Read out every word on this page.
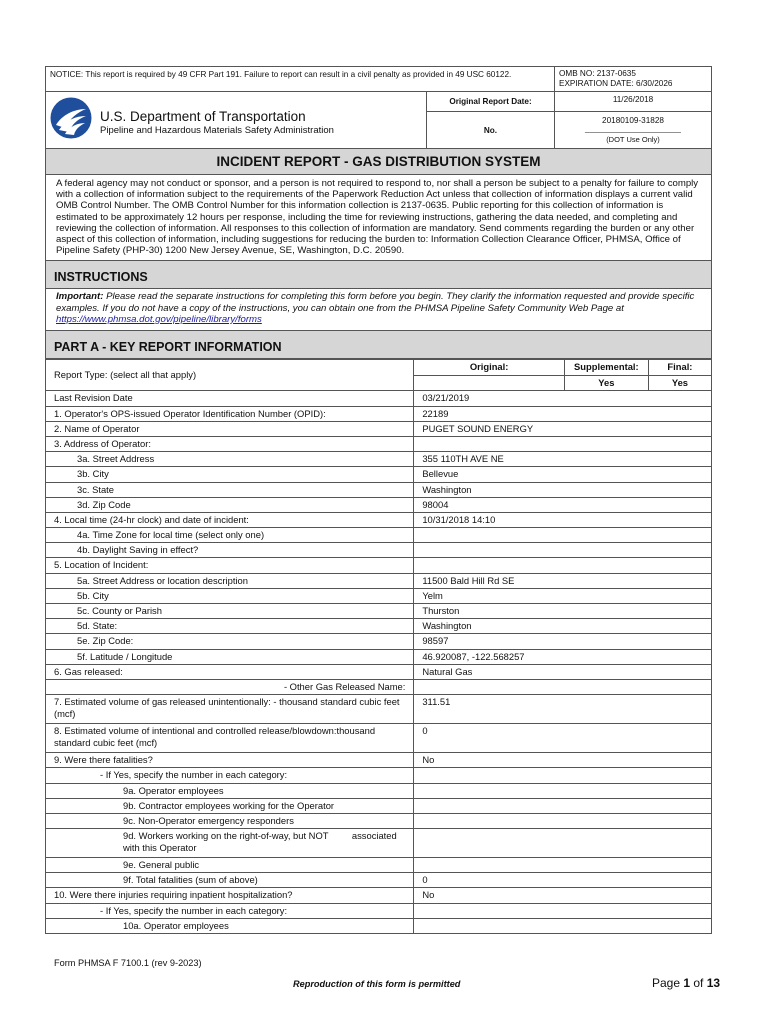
NOTICE: This report is required by 49 CFR Part 191. Failure to report can result in a civil penalty as provided in 49 USC 60122.		OMB NO: 2137-0635
EXPIRATION DATE: 6/30/2026

U.S. Department of Transportation
Pipeline and Hazardous Materials Safety Administration	Original Report Date:	11/26/2018
	No.	20180109-31828
_______________________
(DOT Use Only)
INCIDENT REPORT - GAS DISTRIBUTION SYSTEM
A federal agency may not conduct or sponsor, and a person is not required to respond to, nor shall a person be subject to a penalty for failure to comply with a collection of information subject to the requirements of the Paperwork Reduction Act unless that collection of information displays a current valid OMB Control Number. The OMB Control Number for this information collection is 2137-0635. Public reporting for this collection of information is estimated to be approximately 12 hours per response, including the time for reviewing instructions, gathering the data needed, and completing and reviewing the collection of information. All responses to this collection of information are mandatory. Send comments regarding the burden or any other aspect of this collection of information, including suggestions for reducing the burden to: Information Collection Clearance Officer, PHMSA, Office of Pipeline Safety (PHP-30) 1200 New Jersey Avenue, SE, Washington, D.C. 20590.
INSTRUCTIONS
Important: Please read the separate instructions for completing this form before you begin. They clarify the information requested and provide specific examples. If you do not have a copy of the instructions, you can obtain one from the PHMSA Pipeline Safety Community Web Page at https://www.phmsa.dot.gov/pipeline/library/forms
PART A - KEY REPORT INFORMATION
Report Type: (select all that apply)	
Original:	Supplemental:	Final:
	Yes	Yes

Last Revision Date	03/21/2019
1. Operator's OPS-issued Operator Identification Number (OPID):	22189
2. Name of Operator	PUGET SOUND ENERGY
3. Address of Operator:	
3a. Street Address	355 110TH AVE NE
3b. City	Bellevue
3c. State	Washington
3d. Zip Code	98004
4. Local time (24-hr clock) and date of incident:	10/31/2018 14:10
4a. Time Zone for local time (select only one)	
4b. Daylight Saving in effect?	
5. Location of Incident:	
5a. Street Address or location description	11500 Bald Hill Rd SE
5b. City	Yelm
5c. County or Parish	Thurston
5d. State:	Washington
5e. Zip Code:	98597
5f. Latitude / Longitude	46.920087, -122.568257
6. Gas released:	Natural Gas
- Other Gas Released Name:	
7. Estimated volume of gas released unintentionally: - thousand standard cubic feet (mcf)	311.51
8. Estimated volume of intentional and controlled release/blowdown:thousand standard cubic feet (mcf)	0
9. Were there fatalities?	No
- If Yes, specify the number in each category:	
9a. Operator employees	
9b. Contractor employees working for the Operator	
9c. Non-Operator emergency responders	
9d. Workers working on the right-of-way, but NOT         associated with this Operator	
9e. General public	
9f. Total fatalities (sum of above)	0
10. Were there injuries requiring inpatient hospitalization?	No
- If Yes, specify the number in each category:	
10a. Operator employees	
Form PHMSA F 7100.1 (rev 9-2023)
Reproduction of this form is permitted	Page 1 of 13
